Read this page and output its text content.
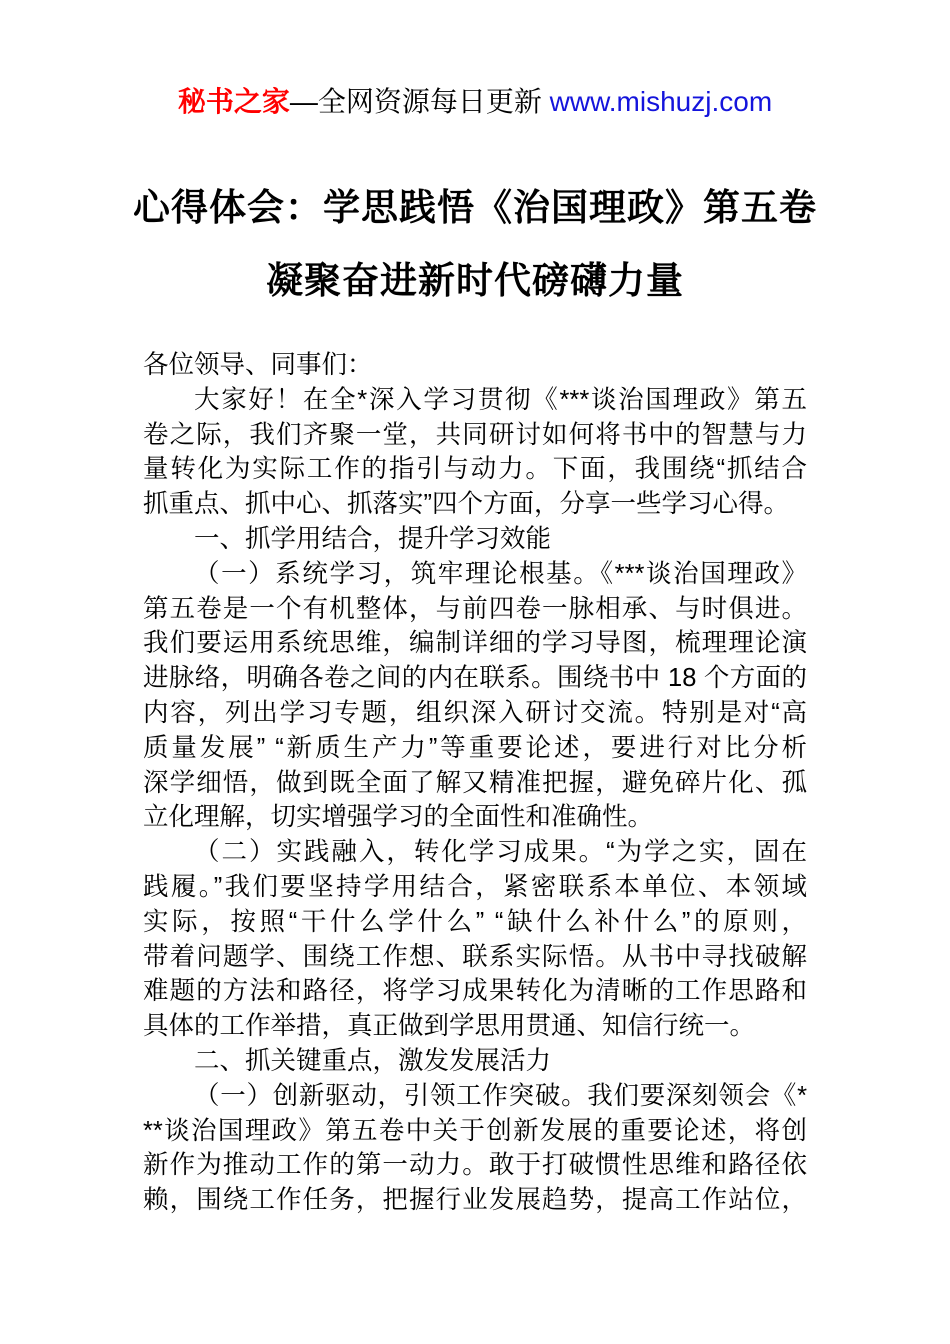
秘书之家—全网资源每日更新 www.mishuzj.com
心得体会：学思践悟《治国理政》第五卷
凝聚奋进新时代磅礴力量
各位领导、同事们：
大家好！在全*深入学习贯彻《***谈治国理政》第五
卷之际，我们齐聚一堂，共同研讨如何将书中的智慧与力
量转化为实际工作的指引与动力。下面，我围绕“抓结合
抓重点、抓中心、抓落实”四个方面，分享一些学习心得。
一、抓学用结合，提升学习效能
（一）系统学习，筑牢理论根基。《***谈治国理政》
第五卷是一个有机整体，与前四卷一脉相承、与时俱进。
我们要运用系统思维，编制详细的学习导图，梳理理论演
进脉络，明确各卷之间的内在联系。围绕书中 18 个方面的
内容，列出学习专题，组织深入研讨交流。特别是对“高
质量发展” “新质生产力”等重要论述，要进行对比分析
深学细悟，做到既全面了解又精准把握，避免碎片化、孤
立化理解，切实增强学习的全面性和准确性。
（二）实践融入，转化学习成果。“为学之实，固在
践履。”我们要坚持学用结合，紧密联系本单位、本领域
实际，按照“干什么学什么” “缺什么补什么”的原则，
带着问题学、围绕工作想、联系实际悟。从书中寻找破解
难题的方法和路径，将学习成果转化为清晰的工作思路和
具体的工作举措，真正做到学思用贯通、知信行统一。
二、抓关键重点，激发发展活力
（一）创新驱动，引领工作突破。我们要深刻领会《*
**谈治国理政》第五卷中关于创新发展的重要论述，将创
新作为推动工作的第一动力。敢于打破惯性思维和路径依
赖，围绕工作任务，把握行业发展趋势，提高工作站位，
